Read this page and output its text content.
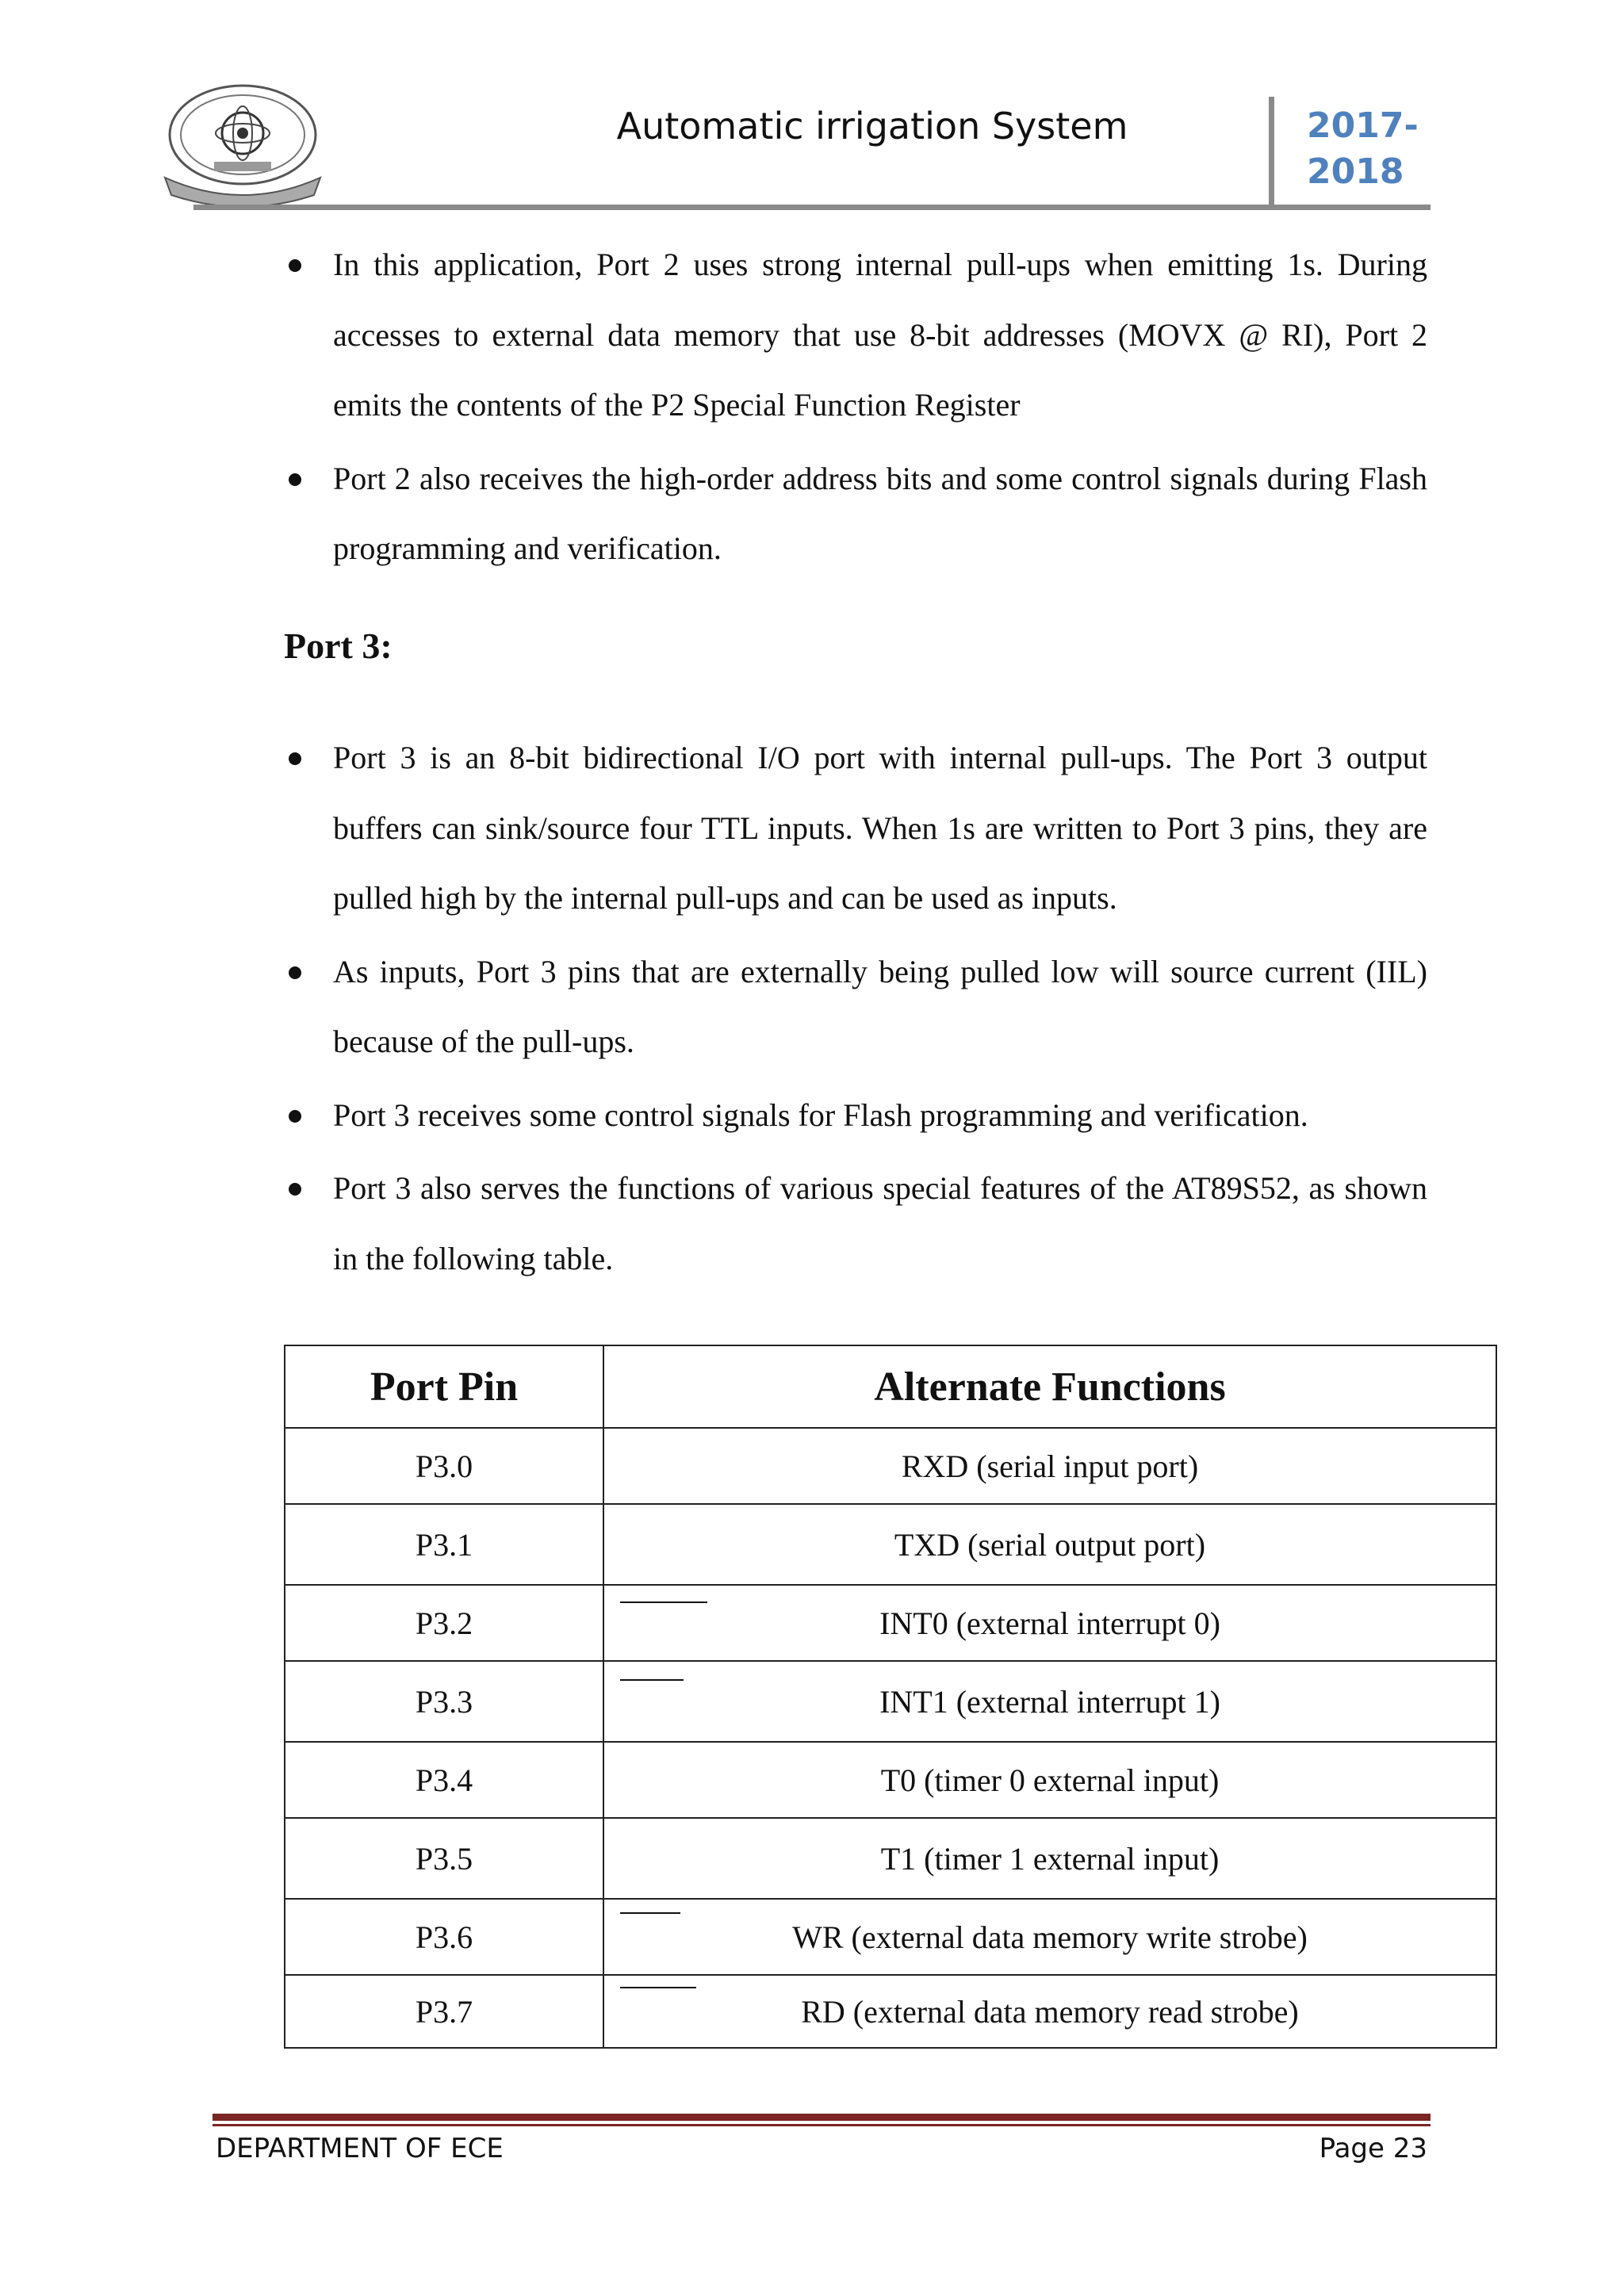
Automatic irrigation System	2017-
2018
In this application, Port 2 uses strong internal pull-ups when emitting 1s. During accesses to external data memory that use 8-bit addresses (MOVX @ RI), Port 2 emits the contents of the P2 Special Function Register
Port 2 also receives the high-order address bits and some control signals during Flash programming and verification.
Port 3:
Port 3 is an 8-bit bidirectional I/O port with internal pull-ups. The Port 3 output buffers can sink/source four TTL inputs. When 1s are written to Port 3 pins, they are pulled high by the internal pull-ups and can be used as inputs.
As inputs, Port 3 pins that are externally being pulled low will source current (IIL) because of the pull-ups.
Port 3 receives some control signals for Flash programming and verification.
Port 3 also serves the functions of various special features of the AT89S52, as shown in the following table.
Port Pin	Alternate Functions
P3.0	RXD (serial input port)
P3.1	TXD (serial output port)
P3.2	INT0 (external interrupt 0)
P3.3	INT1 (external interrupt 1)
P3.4	T0 (timer 0 external input)
P3.5	T1 (timer 1 external input)
P3.6	WR (external data memory write strobe)
P3.7	RD (external data memory read strobe)
DEPARTMENT OF ECE	Page 23
